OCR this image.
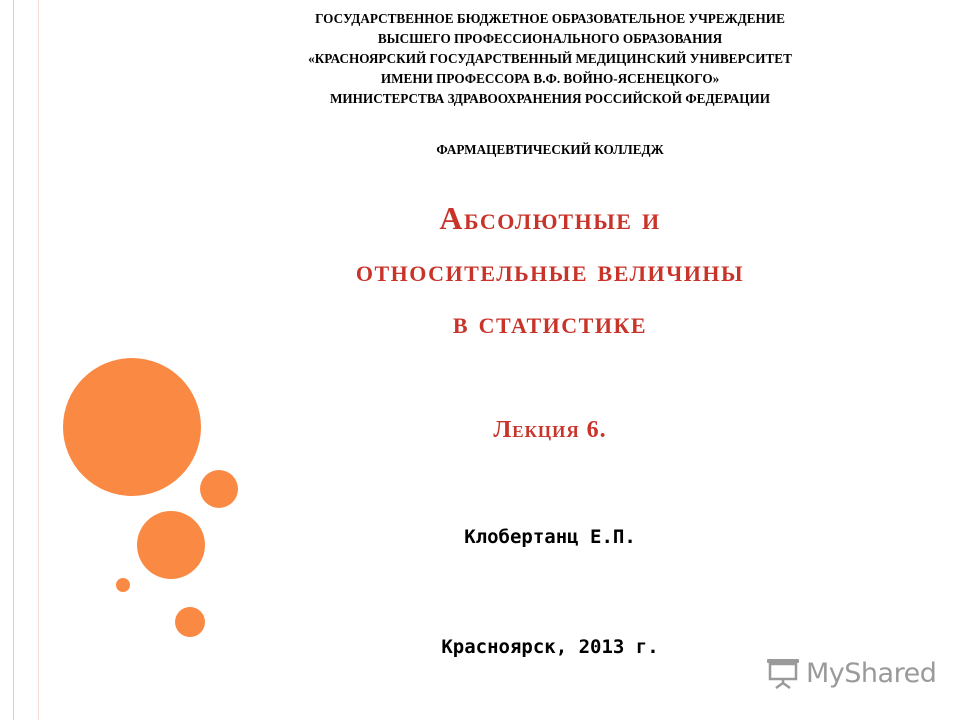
ГОСУДАРСТВЕННОЕ БЮДЖЕТНОЕ ОБРАЗОВАТЕЛЬНОЕ УЧРЕЖДЕНИЕ
ВЫСШЕГО ПРОФЕССИОНАЛЬНОГО ОБРАЗОВАНИЯ
«КРАСНОЯРСКИЙ ГОСУДАРСТВЕННЫЙ МЕДИЦИНСКИЙ УНИВЕРСИТЕТ
ИМЕНИ ПРОФЕССОРА В.Ф. ВОЙНО-ЯСЕНЕЦКОГО»
МИНИСТЕРСТВА ЗДРАВООХРАНЕНИЯ РОССИЙСКОЙ ФЕДЕРАЦИИ
ФАРМАЦЕВТИЧЕСКИЙ КОЛЛЕДЖ
Абсолютные и
относительные величины
в статистике
Лекция 6.
Клобертанц Е.П.
Красноярск, 2013 г.
MyShared
